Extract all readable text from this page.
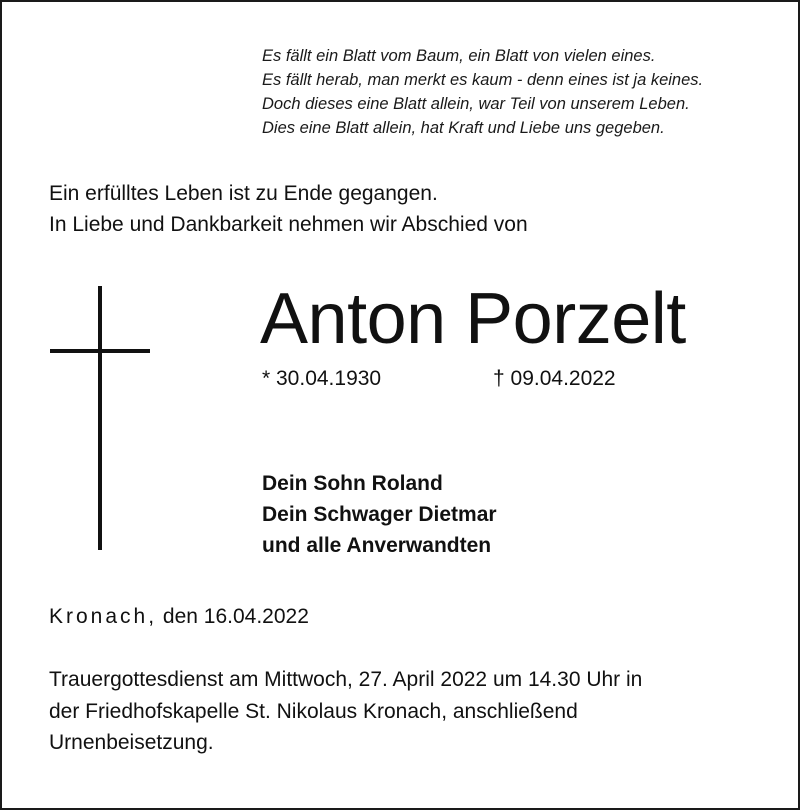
Es fällt ein Blatt vom Baum, ein Blatt von vielen eines.
Es fällt herab, man merkt es kaum - denn eines ist ja keines.
Doch dieses eine Blatt allein, war Teil von unserem Leben.
Dies eine Blatt allein, hat Kraft und Liebe uns gegeben.
Ein erfülltes Leben ist zu Ende gegangen.
In Liebe und Dankbarkeit nehmen wir Abschied von
Anton Porzelt
* 30.04.1930	† 09.04.2022
Dein Sohn Roland
Dein Schwager Dietmar
und alle Anverwandten
Kronach, den 16.04.2022
Trauergottesdienst am Mittwoch, 27. April 2022 um 14.30 Uhr in
der Friedhofskapelle St. Nikolaus Kronach, anschließend
Urnenbeisetzung.
